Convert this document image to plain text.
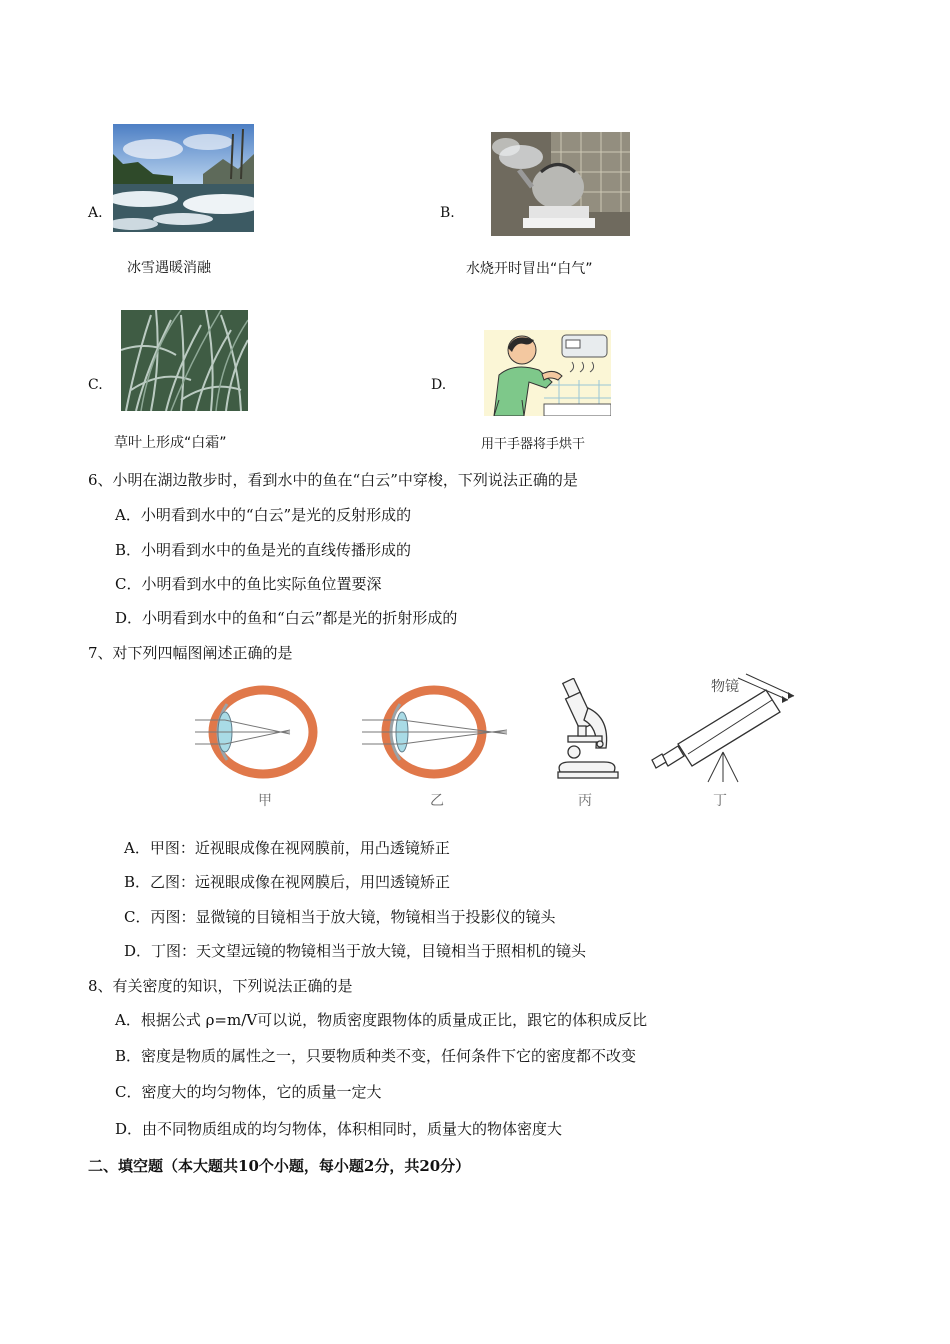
A.
冰雪遇暖消融
B.
水烧开时冒出“白气”
C.
草叶上形成“白霜”
D.
用干手器将手烘干
6、小明在湖边散步时，看到水中的鱼在“白云”中穿梭，下列说法正确的是
A．小明看到水中的“白云”是光的反射形成的
B．小明看到水中的鱼是光的直线传播形成的
C．小明看到水中的鱼比实际鱼位置要深
D．小明看到水中的鱼和“白云”都是光的折射形成的
7、对下列四幅图阐述正确的是
甲	乙	丙
物镜
丁
A．甲图：近视眼成像在视网膜前，用凸透镜矫正
B．乙图：远视眼成像在视网膜后，用凹透镜矫正
C．丙图：显微镜的目镜相当于放大镜，物镜相当于投影仪的镜头
D．丁图：天文望远镜的物镜相当于放大镜，目镜相当于照相机的镜头
8、有关密度的知识，下列说法正确的是
A．根据公式 ρ=m/V可以说，物质密度跟物体的质量成正比，跟它的体积成反比
B．密度是物质的属性之一，只要物质种类不变，任何条件下它的密度都不改变
C．密度大的均匀物体，它的质量一定大
D．由不同物质组成的均匀物体，体积相同时，质量大的物体密度大
二、填空题（本大题共10个小题，每小题2分，共20分）
